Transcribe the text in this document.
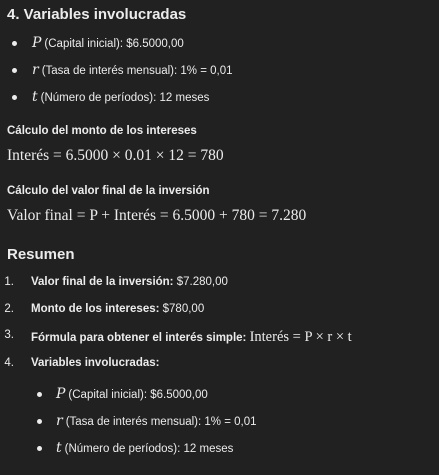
4. Variables involucradas
P (Capital inicial): $6.5000,00
r (Tasa de interés mensual): 1% = 0,01
t (Número de períodos): 12 meses
Cálculo del monto de los intereses
Interés = 6.5000 × 0.01 × 12 = 780
Cálculo del valor final de la inversión
Valor final = P + Interés = 6.5000 + 780 = 7.280
Resumen
1. Valor final de la inversión: $7.280,00
2. Monto de los intereses: $780,00
3. Fórmula para obtener el interés simple: Interés = P × r × t
4. Variables involucradas:
P (Capital inicial): $6.5000,00
r (Tasa de interés mensual): 1% = 0,01
t (Número de períodos): 12 meses
